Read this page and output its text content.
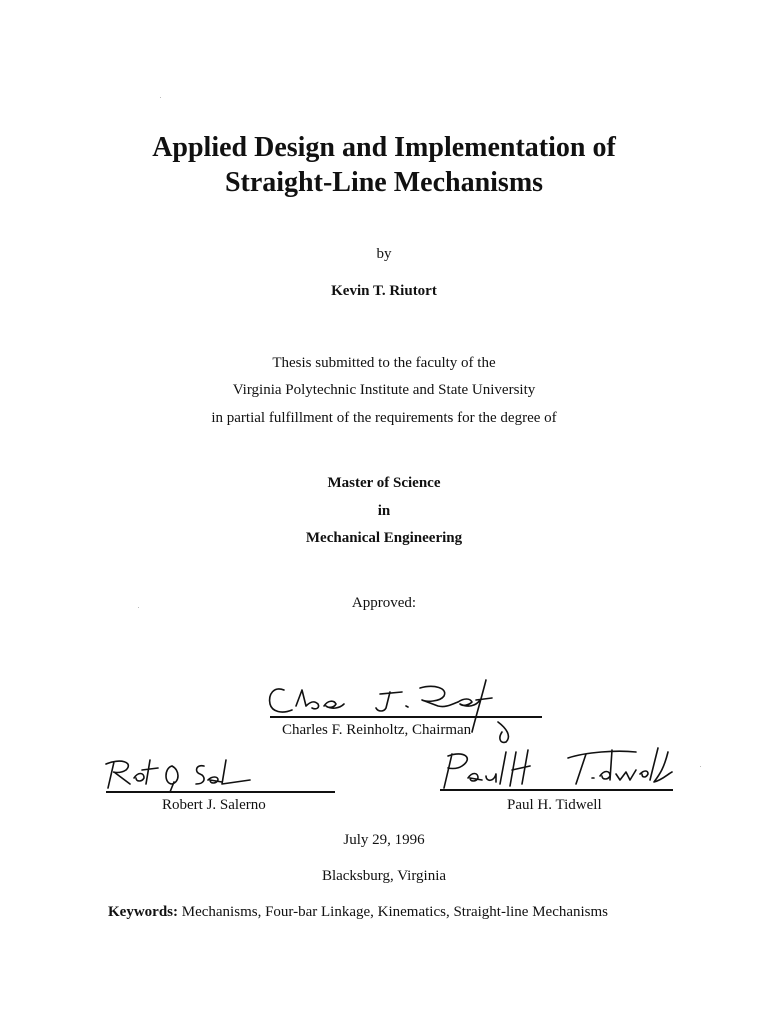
Applied Design and Implementation of
Straight-Line Mechanisms
by
Kevin T. Riutort
Thesis submitted to the faculty of the
Virginia Polytechnic Institute and State University
in partial fulfillment of the requirements for the degree of
Master of Science
in
Mechanical Engineering
Approved:
Charles F. Reinholtz, Chairman
Robert J. Salerno	Paul H. Tidwell
July 29, 1996
Blacksburg, Virginia
Keywords: Mechanisms, Four-bar Linkage, Kinematics, Straight-line Mechanisms
